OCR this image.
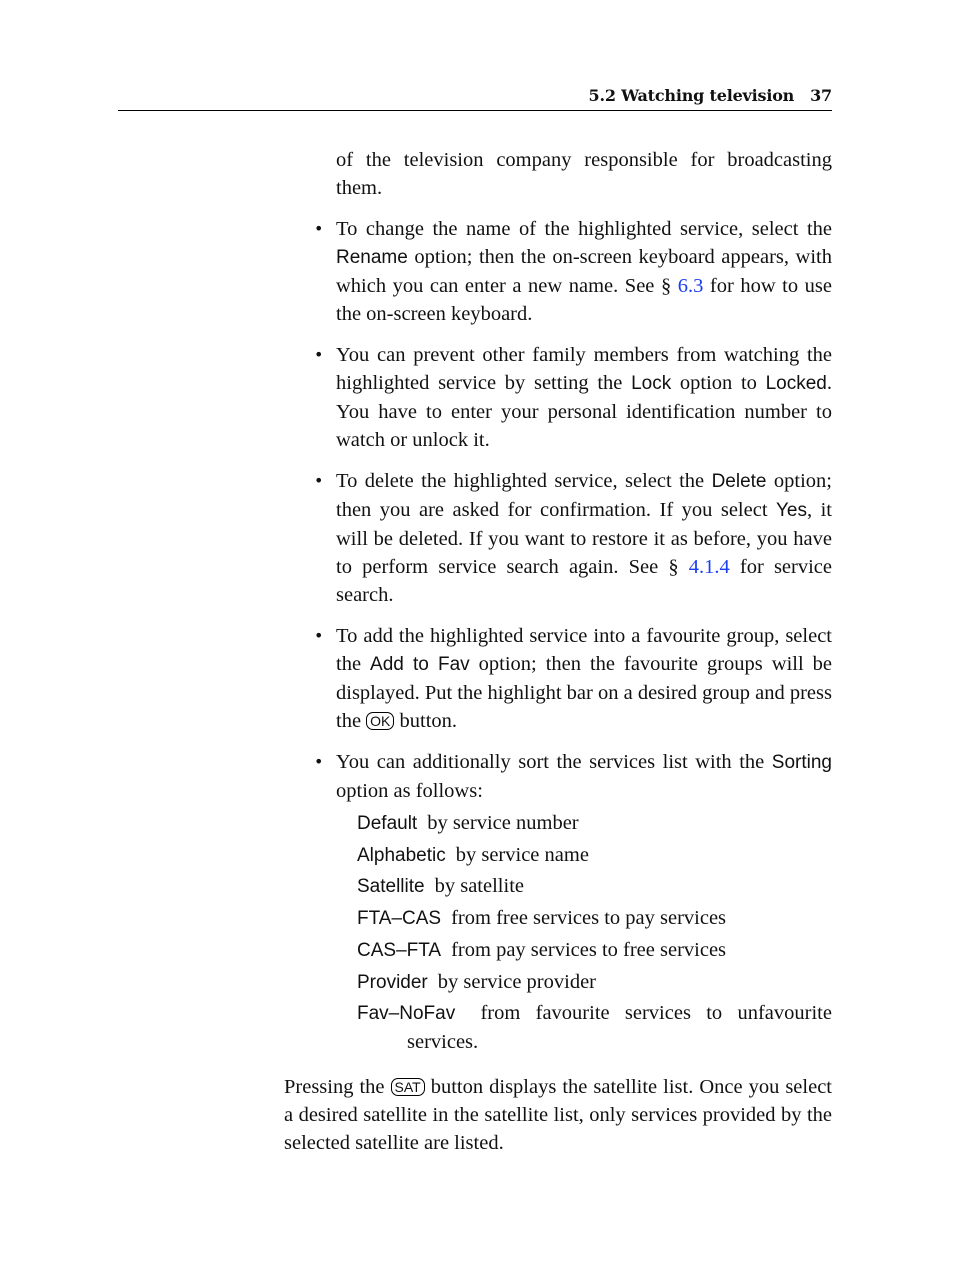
5.2 Watching television 37
of the television company responsible for broadcasting them.
• To change the name of the highlighted service, select the Rename option; then the on-screen keyboard appears, with which you can enter a new name. See § 6.3 for how to use the on-screen keyboard.
• You can prevent other family members from watching the highlighted service by setting the Lock option to Locked. You have to enter your personal identification number to watch or unlock it.
• To delete the highlighted service, select the Delete option; then you are asked for confirmation. If you select Yes, it will be deleted. If you want to restore it as before, you have to perform service search again. See § 4.1.4 for service search.
• To add the highlighted service into a favourite group, select the Add to Fav option; then the favourite groups will be displayed. Put the highlight bar on a desired group and press the OK button.
• You can additionally sort the services list with the Sorting option as follows:
Default by service number
Alphabetic by service name
Satellite by satellite
FTA–CAS from free services to pay services
CAS–FTA from pay services to free services
Provider by service provider
Fav–NoFav from favourite services to unfavourite
services.
Pressing the SAT button displays the satellite list. Once you select a desired satellite in the satellite list, only services provided by the selected satellite are listed.
